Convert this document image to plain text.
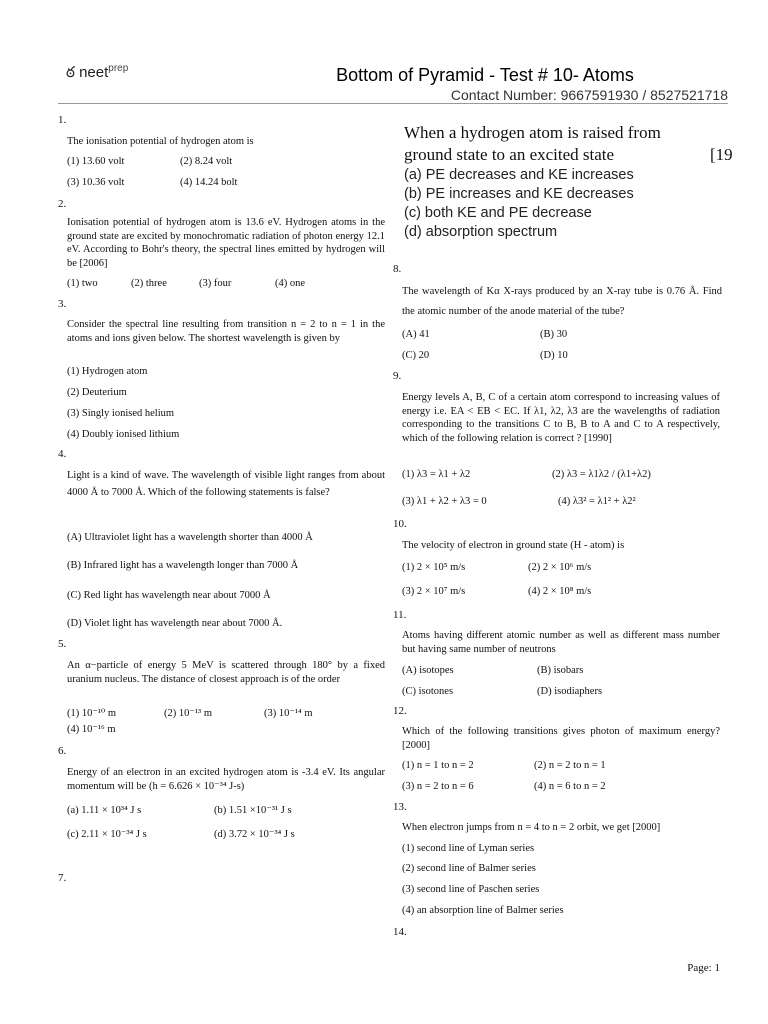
ఠ neet$^{prep}$	Bottom of Pyramid - Test # 10- Atoms
Contact Number: 9667591930 / 8527521718
1.
The ionisation potential of hydrogen atom is
(1) 13.60 volt	(2) 8.24 volt
(3) 10.36 volt	(4) 14.24 bolt
2.
Ionisation potential of hydrogen atom is 13.6 eV. Hydrogen atoms in the ground state are excited by monochromatic radiation of photon energy 12.1 eV. According to Bohr's theory, the spectral lines emitted by hydrogen will be [2006]
(1) two	(2) three	(3) four	(4) one
3.
Consider the spectral line resulting from transition n = 2 to n = 1 in the atoms and ions given below. The shortest wavelength is given by
(1) Hydrogen atom
(2) Deuterium
(3) Singly ionised helium
(4) Doubly ionised lithium
4.
Light is a kind of wave. The wavelength of visible light ranges from about 4000 Å to 7000 Å. Which of the following statements is false?
(A) Ultraviolet light has a wavelength shorter than 4000 Å
(B) Infrared light has a wavelength longer than 7000 Å
(C) Red light has wavelength near about 7000 Å
(D) Violet light has wavelength near about 7000 Å.
5.
An α−particle of energy 5 MeV is scattered through 180° by a fixed uranium nucleus. The distance of closest approach is of the order
(1) 10⁻¹⁰ m	(2) 10⁻¹³ m	(3) 10⁻¹⁴ m
(4) 10⁻¹⁶ m
6.
Energy of an electron in an excited hydrogen atom is -3.4 eV. Its angular momentum will be (h = 6.626 × 10⁻³⁴ J-s)
(a) 1.11 × 10³⁴ J s	(b) 1.51 ×10⁻³¹ J s
(c) 2.11 × 10⁻³⁴ J s	(d) 3.72 × 10⁻³⁴ J s
7.
When a hydrogen atom is raised from
ground state to an excited state	[19
(a) PE decreases and KE increases
(b) PE increases and KE decreases
(c) both KE and PE decrease
(d) absorption spectrum
8.
The wavelength of Kα X-rays produced by an X-ray tube is 0.76 Å. Find the atomic number of the anode material of the tube?
(A) 41	(B) 30
(C) 20	(D) 10
9.
Energy levels A, B, C of a certain atom correspond to increasing values of energy i.e. EA < EB < EC. If λ1, λ2, λ3 are the wavelengths of radiation corresponding to the transitions C to B, B to A and C to A respectively, which of the following relation is correct ? [1990]
(1) λ3 = λ1 + λ2	(2) λ3 = λ1λ2 / (λ1+λ2)
(3) λ1 + λ2 + λ3 = 0	(4) λ3² = λ1² + λ2²
10.
The velocity of electron in ground state (H - atom) is
(1) 2 × 10⁵ m/s	(2) 2 × 10⁶ m/s
(3) 2 × 10⁷ m/s	(4) 2 × 10⁸ m/s
11.
Atoms having different atomic number as well as different mass number but having same number of neutrons
(A) isotopes	(B) isobars
(C) isotones	(D) isodiaphers
12.
Which of the following transitions gives photon of maximum energy? [2000]
(1) n = 1 to n = 2	(2) n = 2 to n = 1
(3) n = 2 to n = 6	(4) n = 6 to n = 2
13.
When electron jumps from n = 4 to n = 2 orbit, we get [2000]
(1) second line of Lyman series
(2) second line of Balmer series
(3) second line of Paschen series
(4) an absorption line of Balmer series
14.
Page: 1
